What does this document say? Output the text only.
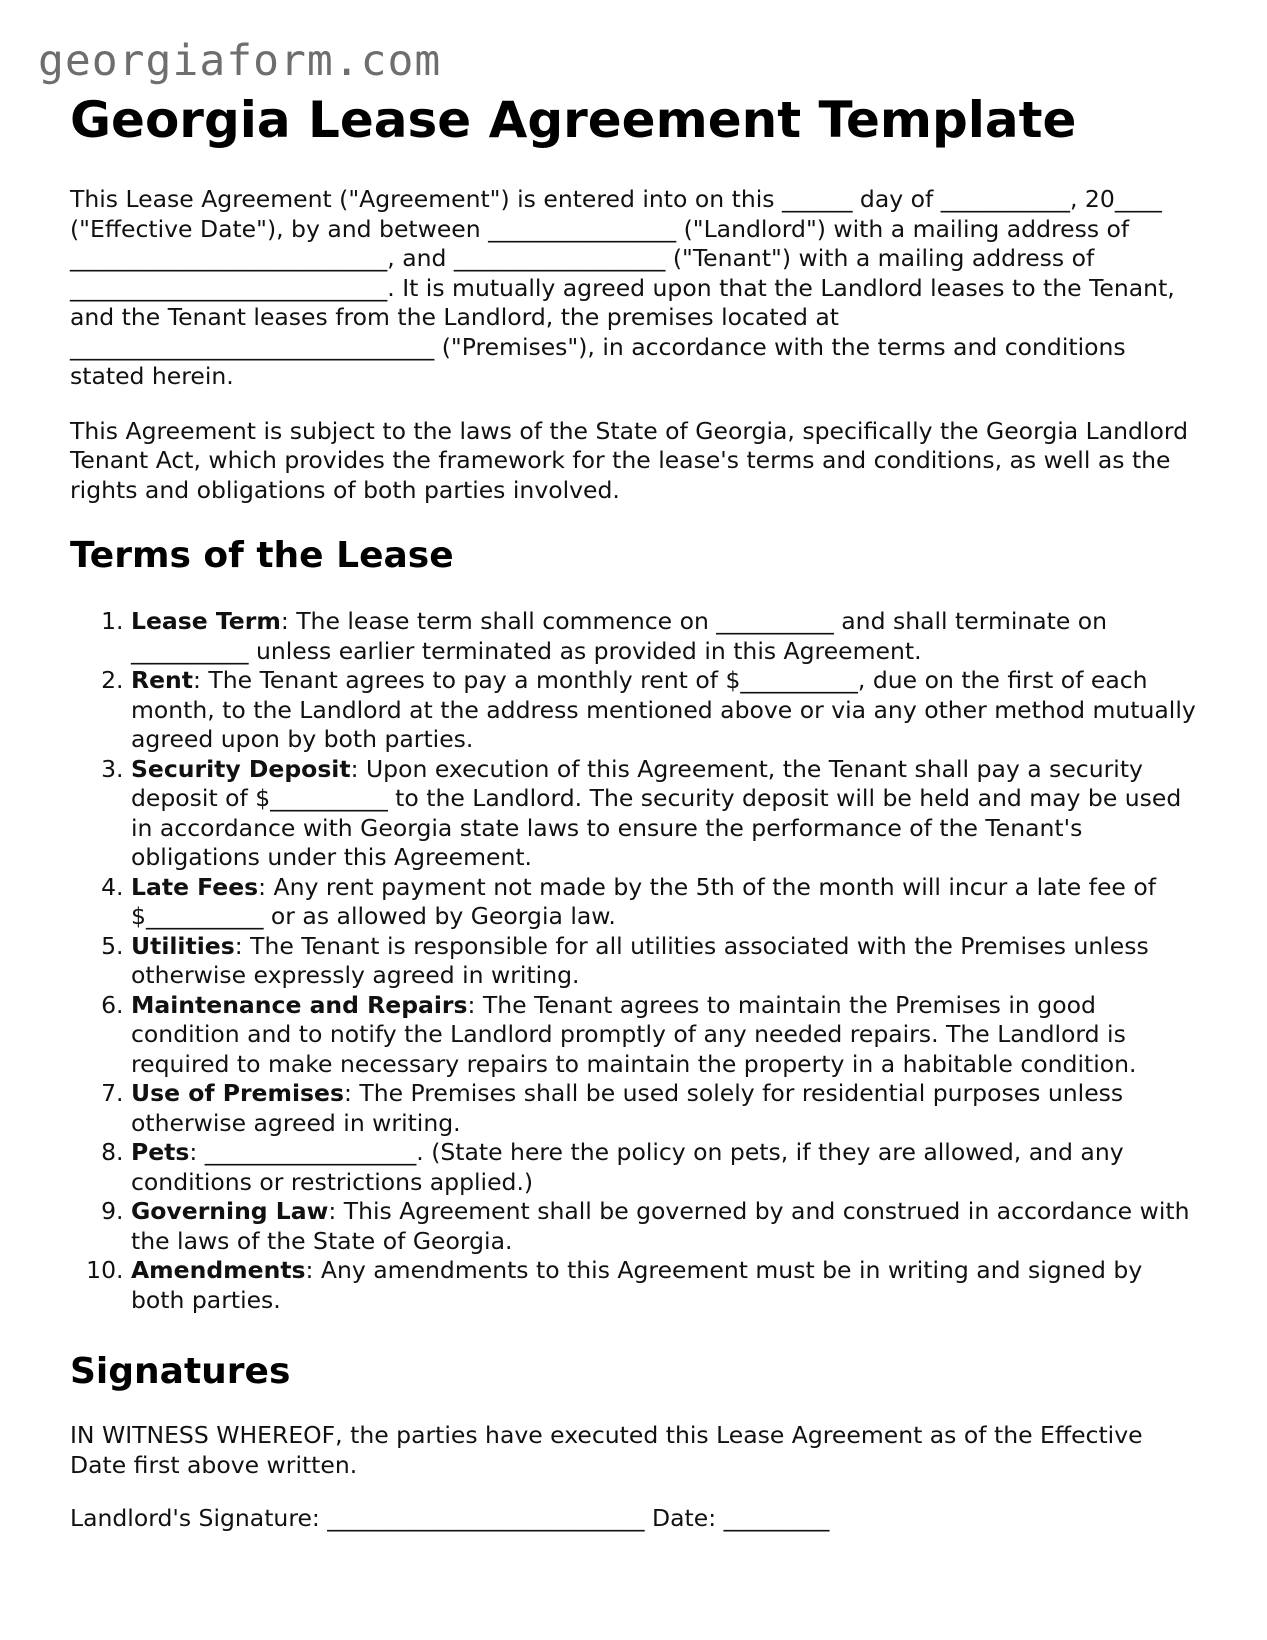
georgiaform.com
Georgia Lease Agreement Template

This Lease Agreement ("Agreement") is entered into on this ______ day of ___________, 20____ ("Effective Date"), by and between ________________ ("Landlord") with a mailing address of ___________________________, and __________________ ("Tenant") with a mailing address of ___________________________. It is mutually agreed upon that the Landlord leases to the Tenant, and the Tenant leases from the Landlord, the premises located at _______________________________ ("Premises"), in accordance with the terms and conditions stated herein.

This Agreement is subject to the laws of the State of Georgia, specifically the Georgia Landlord Tenant Act, which provides the framework for the lease's terms and conditions, as well as the rights and obligations of both parties involved.

Terms of the Lease
1. Lease Term: The lease term shall commence on __________ and shall terminate on __________ unless earlier terminated as provided in this Agreement.
2. Rent: The Tenant agrees to pay a monthly rent of $__________, due on the first of each month, to the Landlord at the address mentioned above or via any other method mutually agreed upon by both parties.
3. Security Deposit: Upon execution of this Agreement, the Tenant shall pay a security deposit of $__________ to the Landlord. The security deposit will be held and may be used in accordance with Georgia state laws to ensure the performance of the Tenant's obligations under this Agreement.
4. Late Fees: Any rent payment not made by the 5th of the month will incur a late fee of $__________ or as allowed by Georgia law.
5. Utilities: The Tenant is responsible for all utilities associated with the Premises unless otherwise expressly agreed in writing.
6. Maintenance and Repairs: The Tenant agrees to maintain the Premises in good condition and to notify the Landlord promptly of any needed repairs. The Landlord is required to make necessary repairs to maintain the property in a habitable condition.
7. Use of Premises: The Premises shall be used solely for residential purposes unless otherwise agreed in writing.
8. Pets: __________________. (State here the policy on pets, if they are allowed, and any conditions or restrictions applied.)
9. Governing Law: This Agreement shall be governed by and construed in accordance with the laws of the State of Georgia.
10. Amendments: Any amendments to this Agreement must be in writing and signed by both parties.
Signatures

IN WITNESS WHEREOF, the parties have executed this Lease Agreement as of the Effective Date first above written.

Landlord's Signature: ___________________________ Date: _________
